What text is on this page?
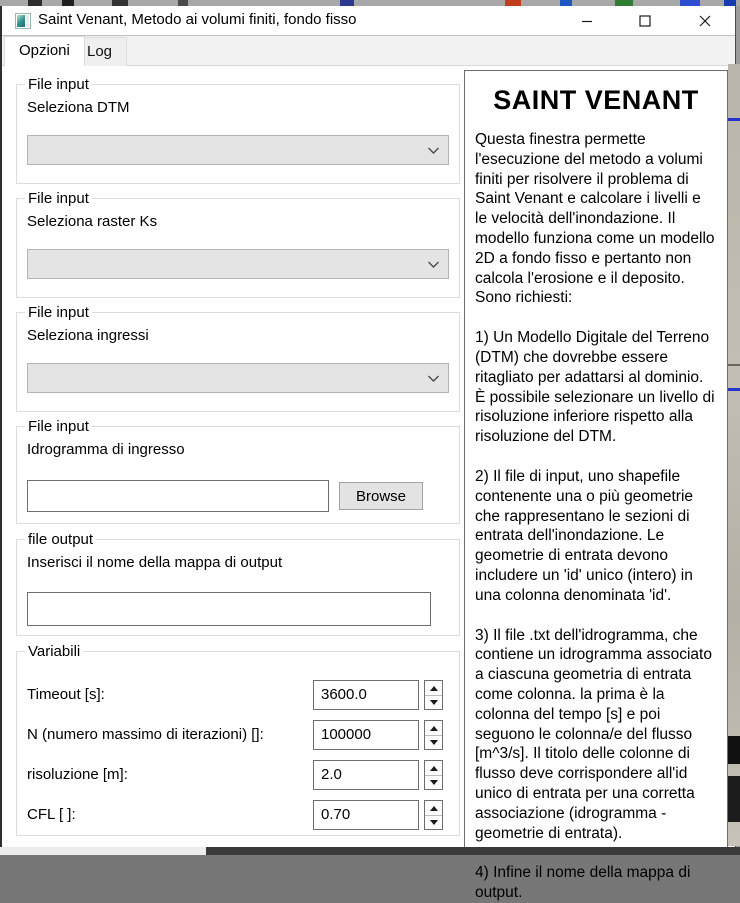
Saint Venant, Metodo ai volumi finiti, fondo fisso
Opzioni	Log
File input
Seleziona DTM
File input
Seleziona raster Ks
File input
Seleziona ingressi
File input
Idrogramma di ingresso
Browse
file output
Inserisci il nome della mappa di output
Variabili
Timeout [s]:	3600.0
N (numero massimo di iterazioni) []:	100000
risoluzione [m]:	2.0
CFL [ ]:	0.70
SAINT VENANT

Questa finestra permette l'esecuzione del metodo a volumi finiti per risolvere il problema di Saint Venant e calcolare i livelli e le velocità dell'inondazione. Il modello funziona come un modello 2D a fondo fisso e pertanto non calcola l'erosione e il deposito. Sono richiesti:

1) Un Modello Digitale del Terreno (DTM) che dovrebbe essere ritagliato per adattarsi al dominio. È possibile selezionare un livello di risoluzione inferiore rispetto alla risoluzione del DTM.

2) Il file di input, uno shapefile contenente una o più geometrie che rappresentano le sezioni di entrata dell'inondazione. Le geometrie di entrata devono includere un 'id' unico (intero) in una colonna denominata 'id'.

3) Il file .txt dell'idrogramma, che contiene un idrogramma associato a ciascuna geometria di entrata come colonna. la prima è la colonna del tempo [s] e poi seguono le colonna/e del flusso [m^3/s]. Il titolo delle colonne di flusso deve corrispondere all'id unico di entrata per una corretta associazione (idrogramma - geometrie di entrata).

4) Infine il nome della mappa di output.
